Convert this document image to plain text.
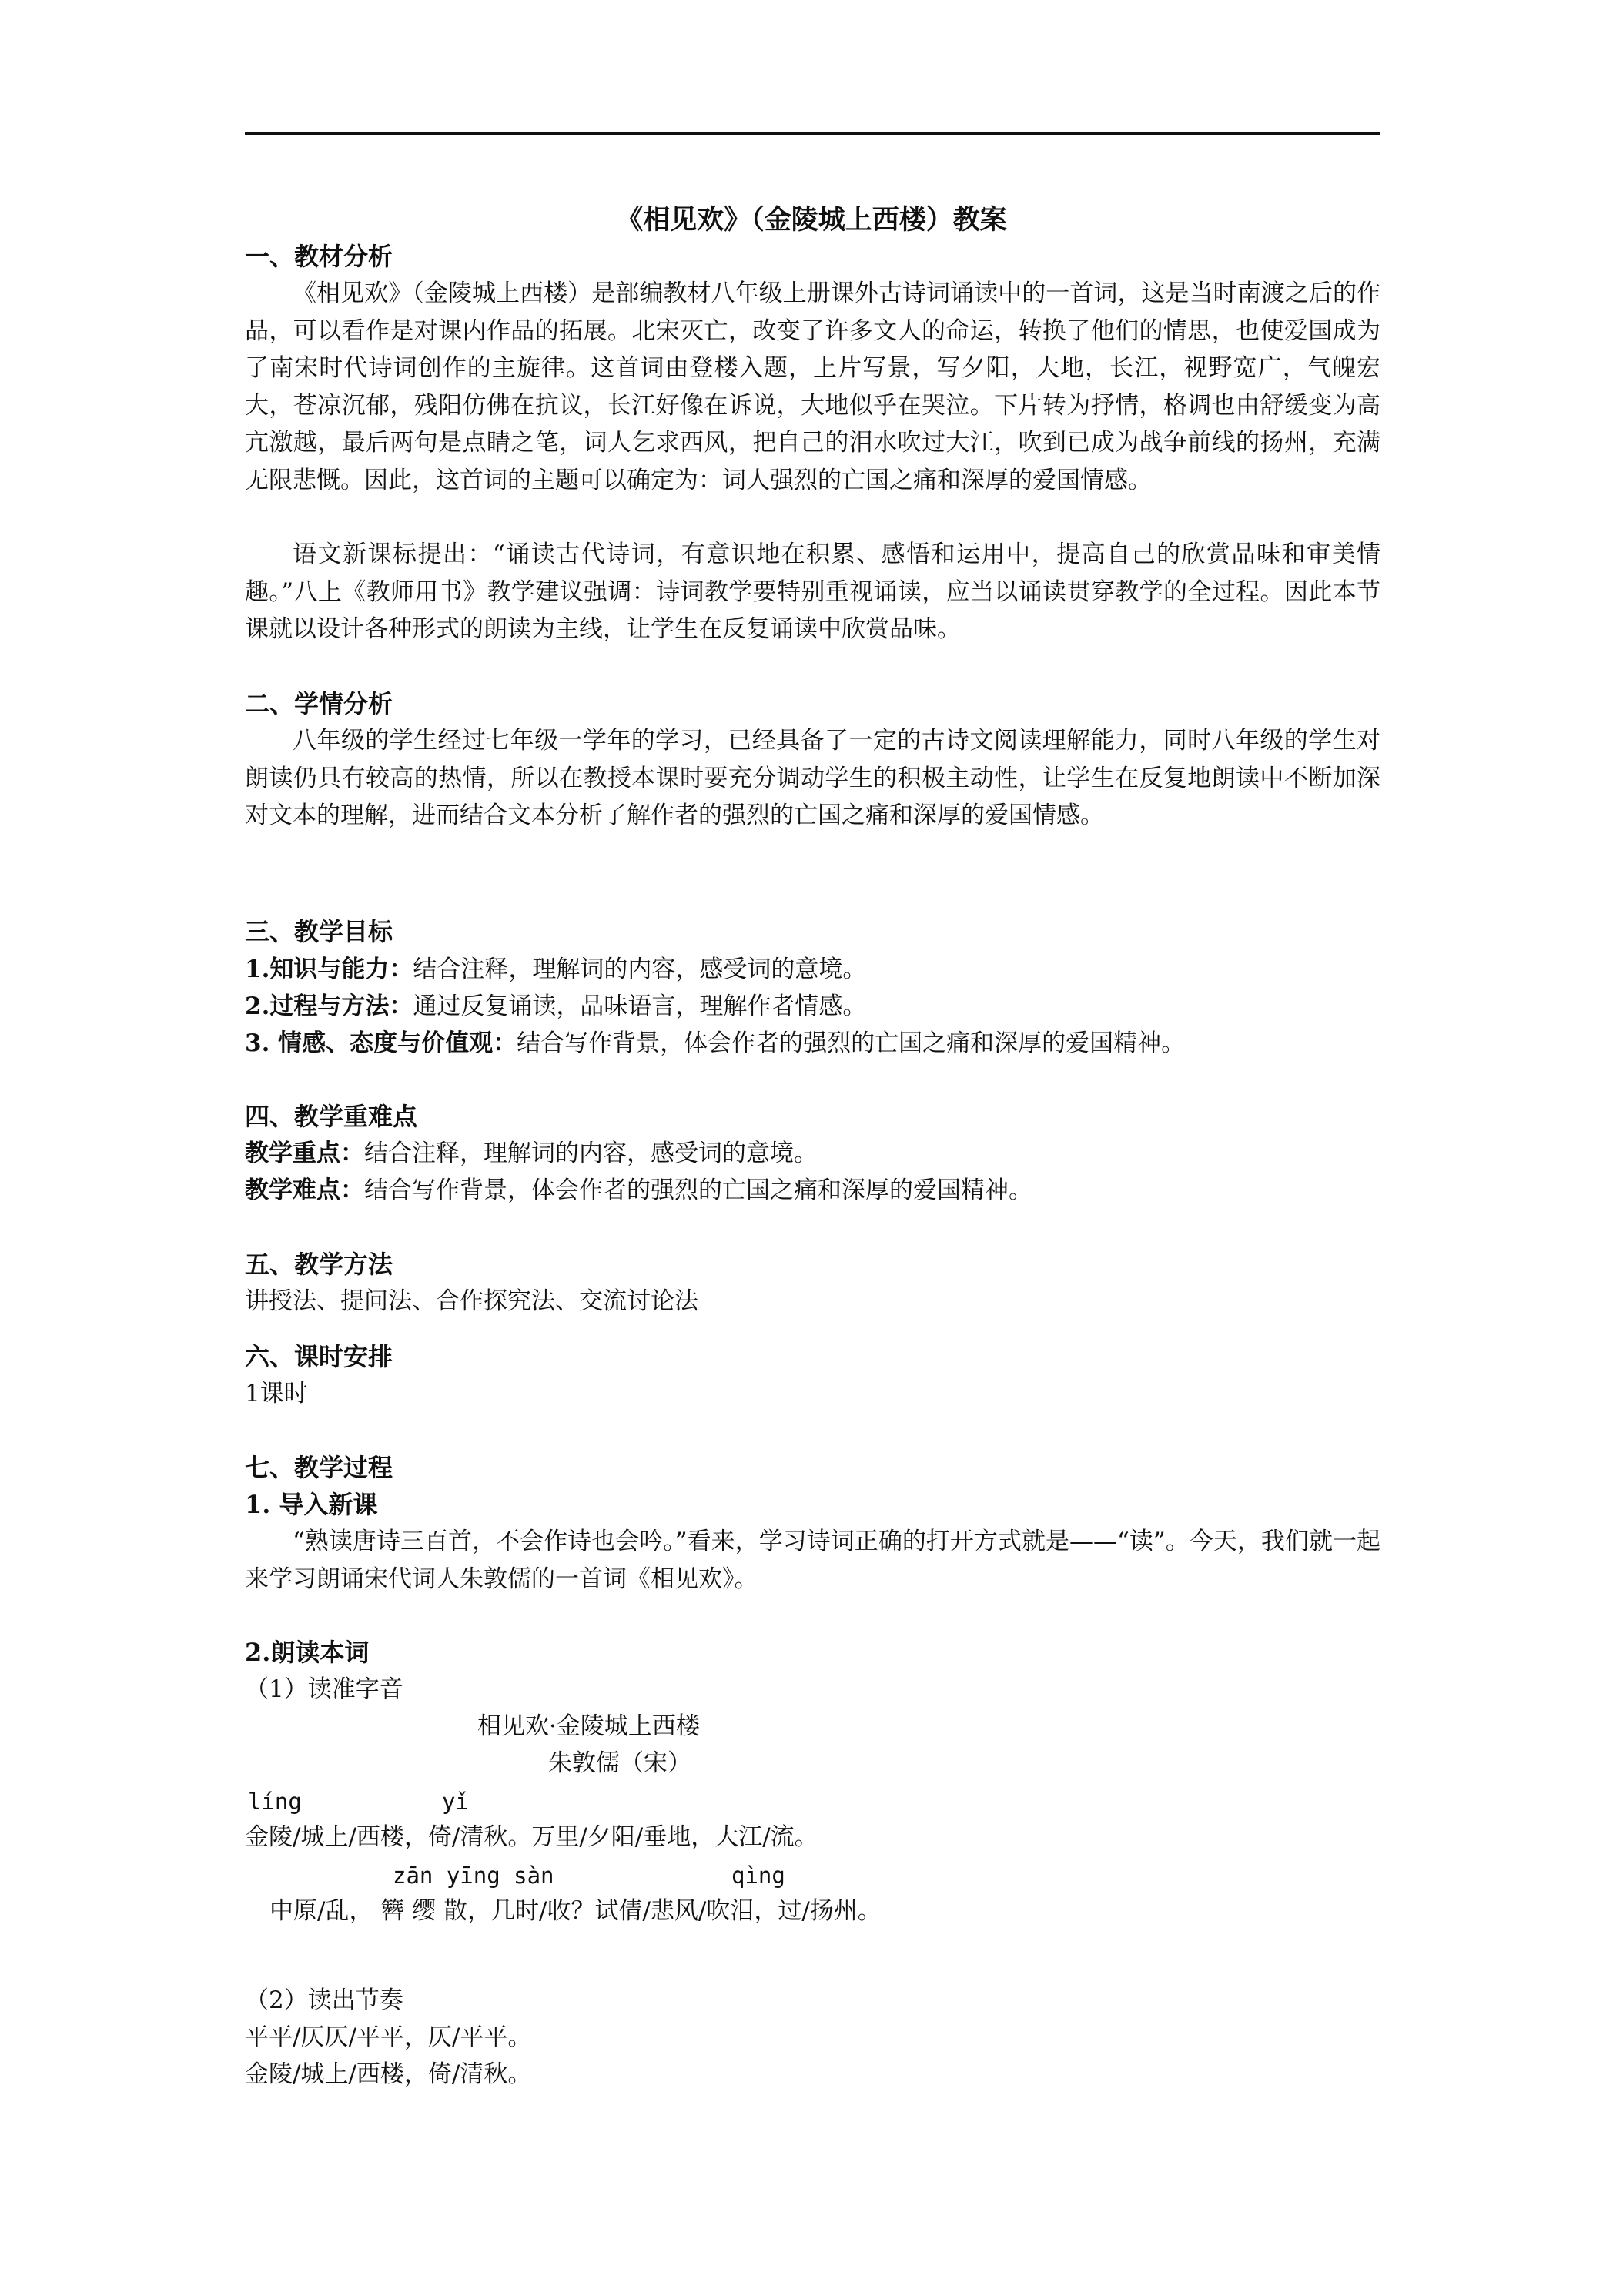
《相见欢》（金陵城上西楼）教案
一、教材分析
《相见欢》（金陵城上西楼）是部编教材八年级上册课外古诗词诵读中的一首词，这是当时南渡之后的作品，可以看作是对课内作品的拓展。北宋灭亡，改变了许多文人的命运，转换了他们的情思，也使爱国成为了南宋时代诗词创作的主旋律。这首词由登楼入题，上片写景，写夕阳，大地，长江，视野宽广，气魄宏大，苍凉沉郁，残阳仿佛在抗议，长江好像在诉说，大地似乎在哭泣。下片转为抒情，格调也由舒缓变为高亢激越，最后两句是点睛之笔，词人乞求西风，把自己的泪水吹过大江，吹到已成为战争前线的扬州，充满无限悲慨。因此，这首词的主题可以确定为：词人强烈的亡国之痛和深厚的爱国情感。
语文新课标提出：“诵读古代诗词，有意识地在积累、感悟和运用中，提高自己的欣赏品味和审美情趣。”八上《教师用书》教学建议强调：诗词教学要特别重视诵读，应当以诵读贯穿教学的全过程。因此本节课就以设计各种形式的朗读为主线，让学生在反复诵读中欣赏品味。
二、学情分析
八年级的学生经过七年级一学年的学习，已经具备了一定的古诗文阅读理解能力，同时八年级的学生对朗读仍具有较高的热情，所以在教授本课时要充分调动学生的积极主动性，让学生在反复地朗读中不断加深对文本的理解，进而结合文本分析了解作者的强烈的亡国之痛和深厚的爱国情感。
三、教学目标
1.知识与能力：结合注释，理解词的内容，感受词的意境。
2.过程与方法：通过反复诵读，品味语言，理解作者情感。
3. 情感、态度与价值观：结合写作背景，体会作者的强烈的亡国之痛和深厚的爱国精神。
四、教学重难点
教学重点：结合注释，理解词的内容，感受词的意境。
教学难点：结合写作背景，体会作者的强烈的亡国之痛和深厚的爱国精神。
五、教学方法
讲授法、提问法、合作探究法、交流讨论法
六、课时安排
1课时
七、教学过程
1. 导入新课
“熟读唐诗三百首，不会作诗也会吟。”看来，学习诗词正确的打开方式就是——“读”。今天，我们就一起来学习朗诵宋代词人朱敦儒的一首词《相见欢》。
2.朗读本词
（1）读准字音
相见欢·金陵城上西楼
朱敦儒（宋）
líng	yǐ
金陵/城上/西楼，倚/清秋。万里/夕阳/垂地，大江/流。
zān yīng sàn	qìng
中原/乱， 簪 缨 散，几时/收？试倩/悲风/吹泪，过/扬州。
（2）读出节奏
平平/仄仄/平平，仄/平平。
金陵/城上/西楼，倚/清秋。
